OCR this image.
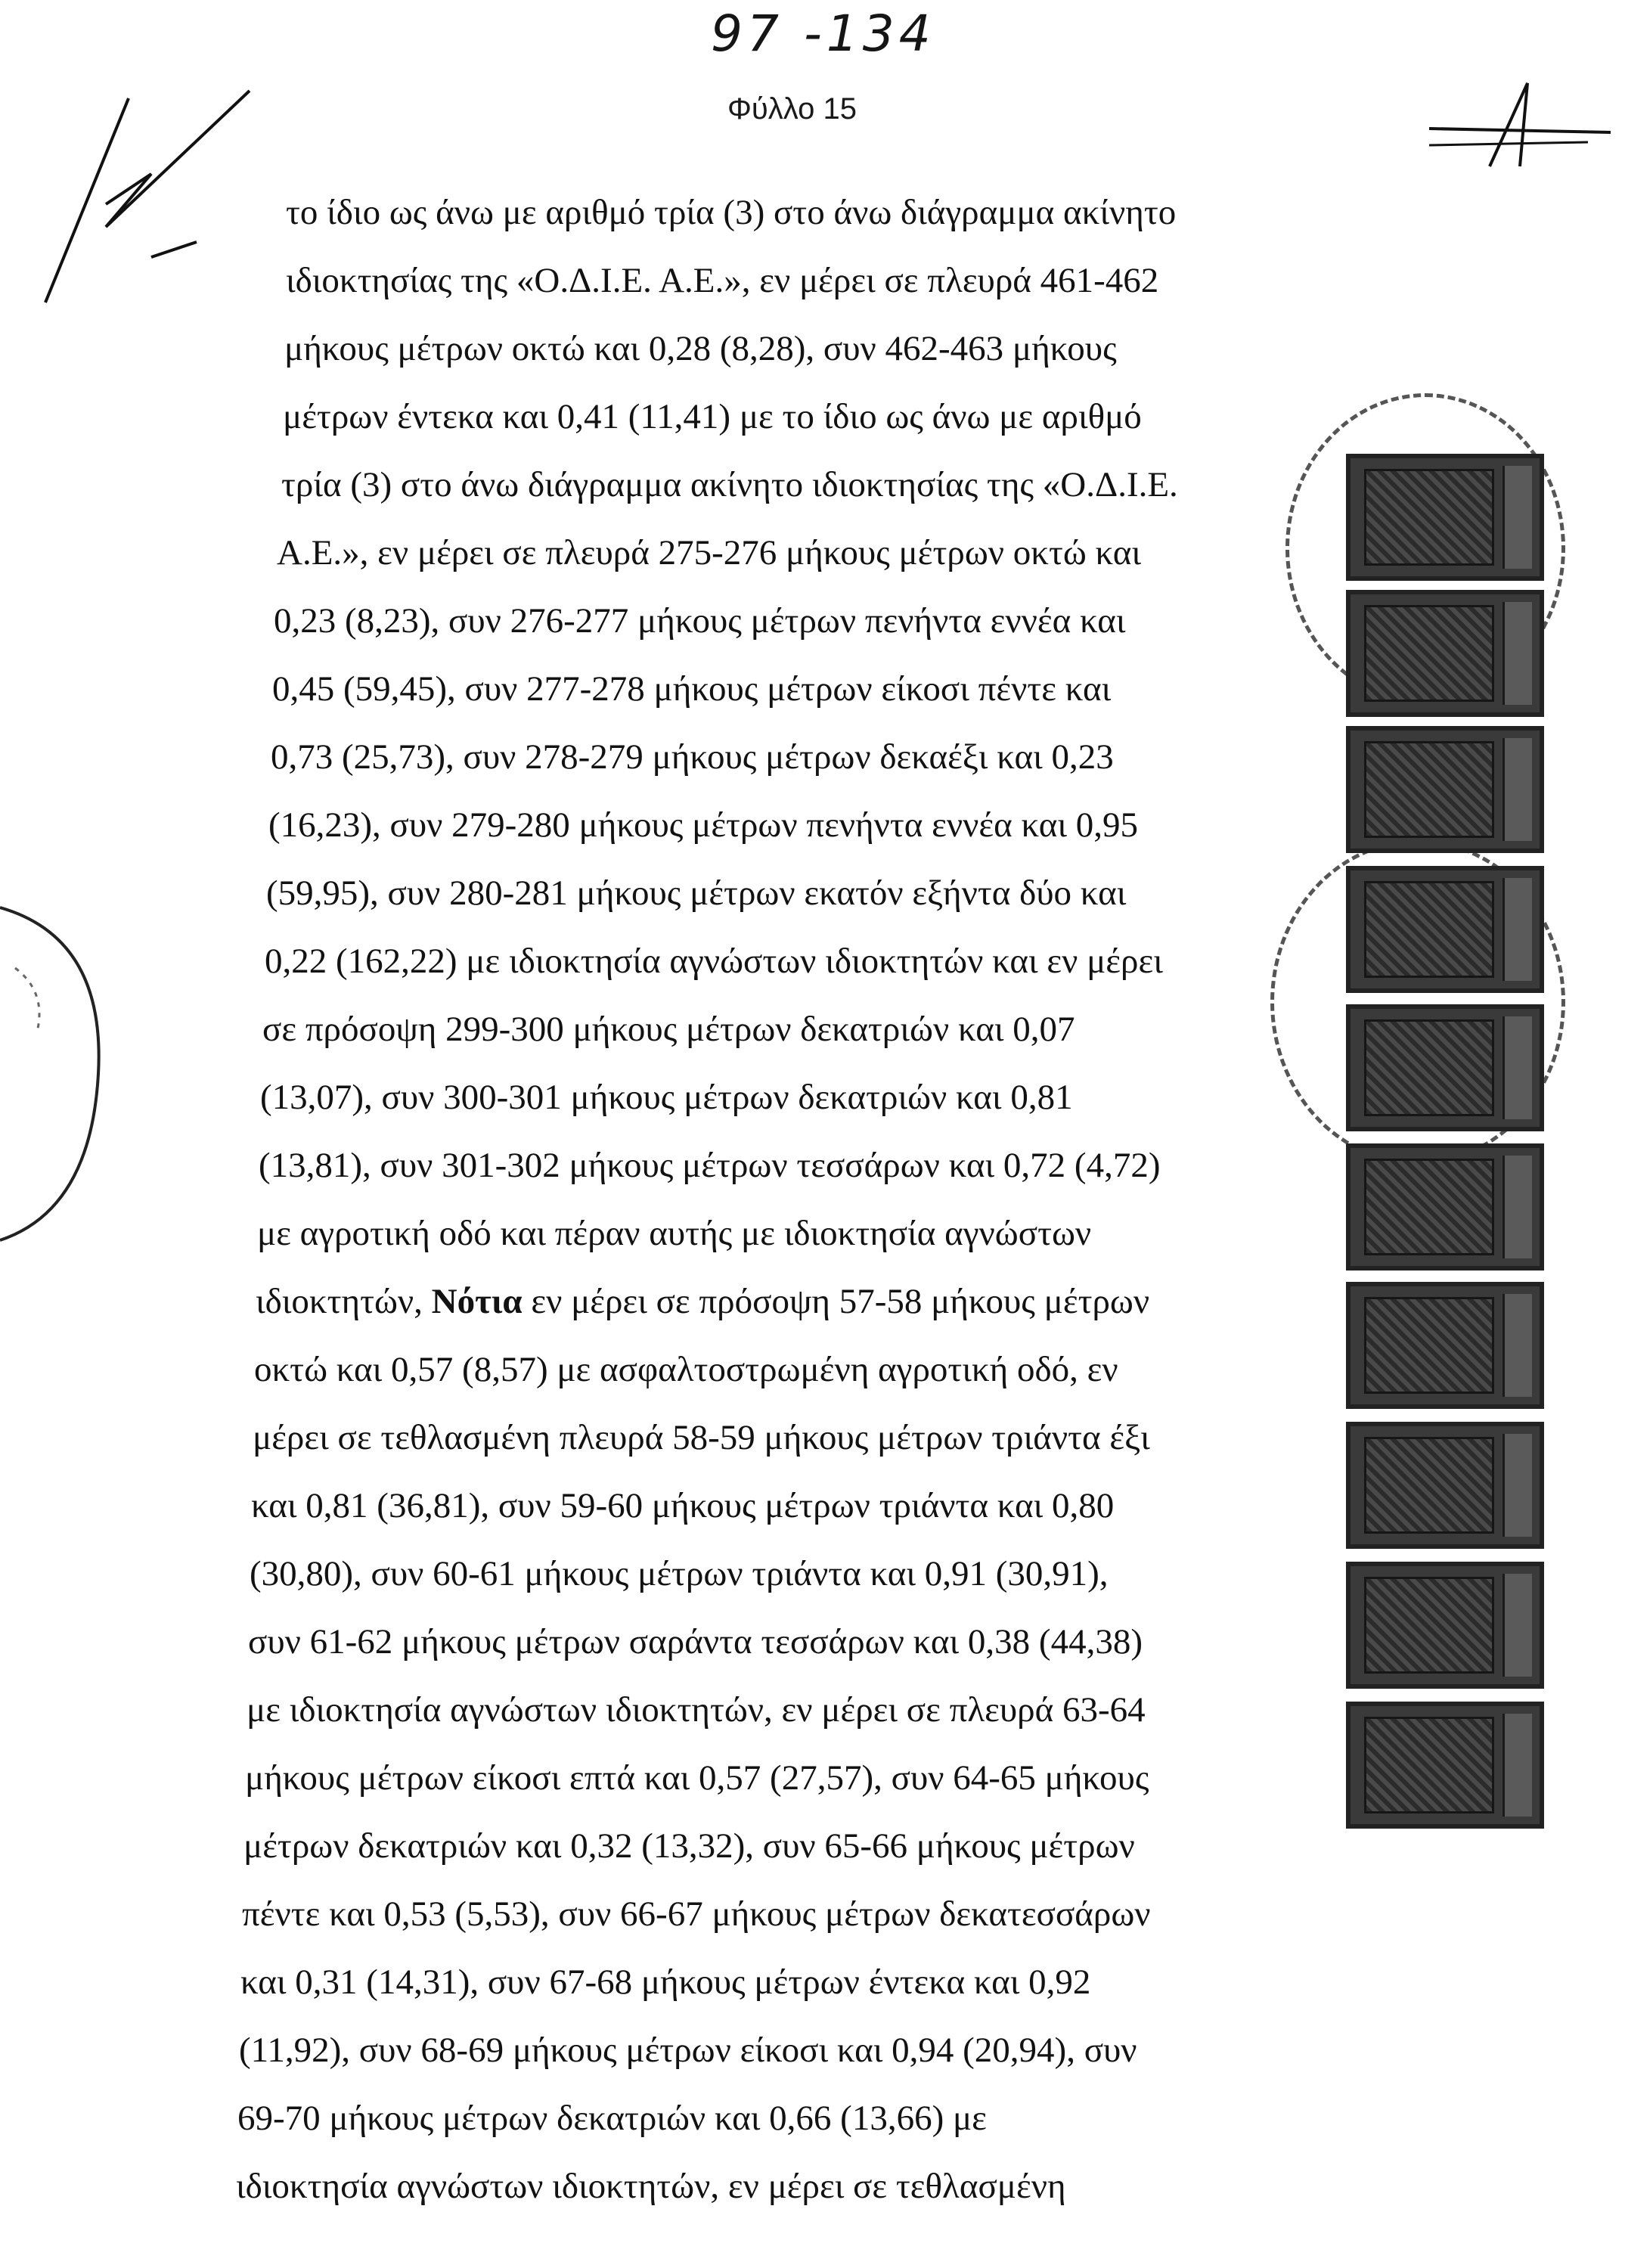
97 -134
Φύλλο 15
το ίδιο ως άνω με αριθμό τρία (3) στο άνω διάγραμμα ακίνητο
ιδιοκτησίας της «Ο.Δ.Ι.Ε. Α.Ε.», εν μέρει σε πλευρά 461-462
μήκους μέτρων οκτώ και 0,28 (8,28), συν 462-463 μήκους
μέτρων έντεκα και 0,41 (11,41) με το ίδιο ως άνω με αριθμό
τρία (3) στο άνω διάγραμμα ακίνητο ιδιοκτησίας της «Ο.Δ.Ι.Ε.
Α.Ε.», εν μέρει σε πλευρά 275-276 μήκους μέτρων οκτώ και
0,23 (8,23), συν 276-277 μήκους μέτρων πενήντα εννέα και
0,45 (59,45), συν 277-278 μήκους μέτρων είκοσι πέντε και
0,73 (25,73), συν 278-279 μήκους μέτρων δεκαέξι και 0,23
(16,23), συν 279-280 μήκους μέτρων πενήντα εννέα και 0,95
(59,95), συν 280-281 μήκους μέτρων εκατόν εξήντα δύο και
0,22 (162,22) με ιδιοκτησία αγνώστων ιδιοκτητών και εν μέρει
σε πρόσοψη 299-300 μήκους μέτρων δεκατριών και 0,07
(13,07), συν 300-301 μήκους μέτρων δεκατριών και 0,81
(13,81), συν 301-302 μήκους μέτρων τεσσάρων και 0,72 (4,72)
με αγροτική οδό και πέραν αυτής με ιδιοκτησία αγνώστων
ιδιοκτητών, Νότια εν μέρει σε πρόσοψη 57-58 μήκους μέτρων
οκτώ και 0,57 (8,57) με ασφαλτοστρωμένη αγροτική οδό, εν
μέρει σε τεθλασμένη πλευρά 58-59 μήκους μέτρων τριάντα έξι
και 0,81 (36,81), συν 59-60 μήκους μέτρων τριάντα και 0,80
(30,80), συν 60-61 μήκους μέτρων τριάντα και 0,91 (30,91),
συν 61-62 μήκους μέτρων σαράντα τεσσάρων και 0,38 (44,38)
με ιδιοκτησία αγνώστων ιδιοκτητών, εν μέρει σε πλευρά 63-64
μήκους μέτρων είκοσι επτά και 0,57 (27,57), συν 64-65 μήκους
μέτρων δεκατριών και 0,32 (13,32), συν 65-66 μήκους μέτρων
πέντε και 0,53 (5,53), συν 66-67 μήκους μέτρων δεκατεσσάρων
και 0,31 (14,31), συν 67-68 μήκους μέτρων έντεκα και 0,92
(11,92), συν 68-69 μήκους μέτρων είκοσι και 0,94 (20,94), συν
69-70 μήκους μέτρων δεκατριών και 0,66 (13,66) με
ιδιοκτησία αγνώστων ιδιοκτητών, εν μέρει σε τεθλασμένη
